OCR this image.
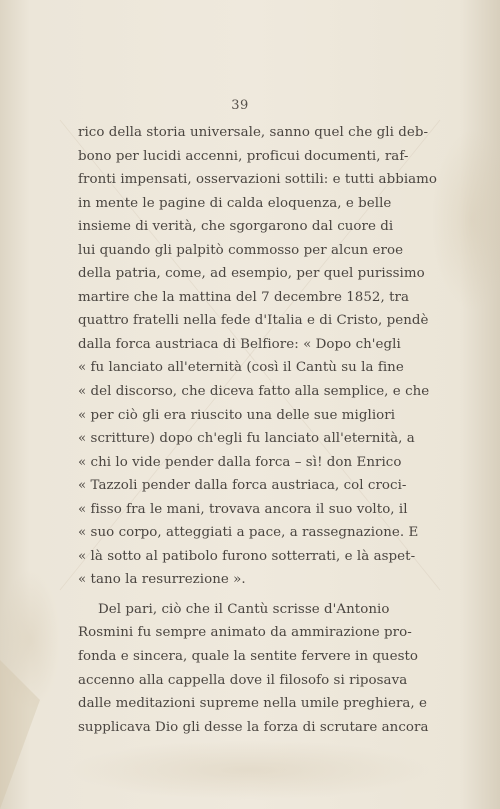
39
rico della storia universale, sanno quel che gli deb-
bono per lucidi accenni, proficui documenti, raf-
fronti impensati, osservazioni sottili: e tutti abbiamo
in mente le pagine di calda eloquenza, e belle
insieme di verità, che sgorgarono dal cuore di
lui quando gli palpitò commosso per alcun eroe
della patria, come, ad esempio, per quel purissimo
martire che la mattina del 7 decembre 1852, tra
quattro fratelli nella fede d'Italia e di Cristo, pendè
dalla forca austriaca di Belfiore: « Dopo ch'egli
« fu lanciato all'eternità (così il Cantù su la fine
« del discorso, che diceva fatto alla semplice, e che
« per ciò gli era riuscito una delle sue migliori
« scritture) dopo ch'egli fu lanciato all'eternità, a
« chi lo vide pender dalla forca – sì! don Enrico
« Tazzoli pender dalla forca austriaca, col croci-
« fisso fra le mani, trovava ancora il suo volto, il
« suo corpo, atteggiati a pace, a rassegnazione. E
« là sotto al patibolo furono sotterrati, e là aspet-
« tano la resurrezione ».
Del pari, ciò che il Cantù scrisse d'Antonio
Rosmini fu sempre animato da ammirazione pro-
fonda e sincera, quale la sentite fervere in questo
accenno alla cappella dove il filosofo si riposava
dalle meditazioni supreme nella umile preghiera, e
supplicava Dio gli desse la forza di scrutare ancora
